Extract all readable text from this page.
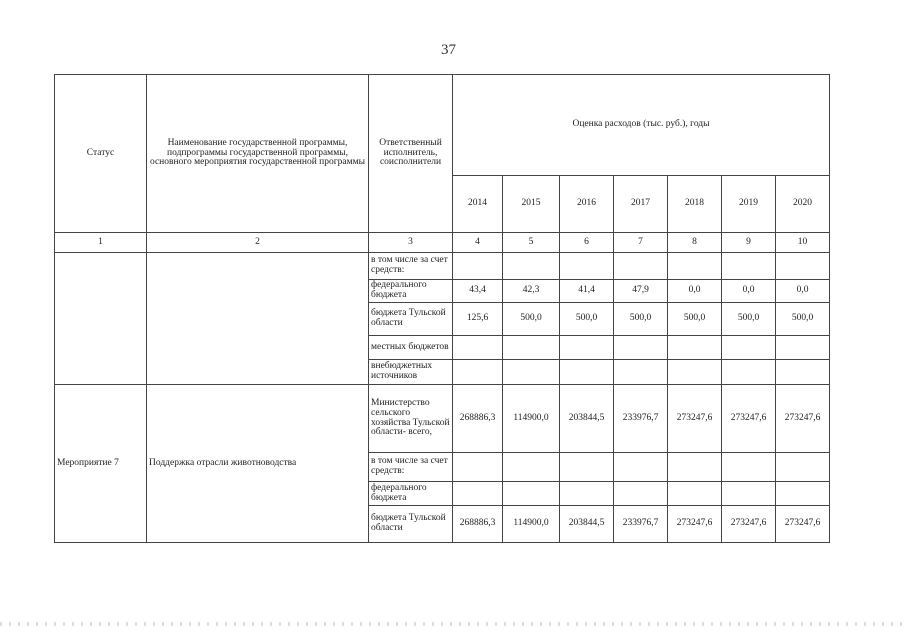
37
Статус	Наименование государственной программы, подпрограммы государственной программы, основного мероприятия государственной программы	Ответственный исполнитель, соисполнители	Оценка расходов (тыс. руб.), годы						
			2014	2015	2016	2017	2018	2019	2020
1	2	3	4	5	6	7	8	9	10
		в том числе за счет средств:							
		федерального бюджета	43,4	42,3	41,4	47,9	0,0	0,0	0,0
		бюджета Тульской области	125,6	500,0	500,0	500,0	500,0	500,0	500,0
		местных бюджетов							
		внебюджетных источников							
Мероприятие 7	Поддержка отрасли животноводства	Министерство сельского хозяйства Тульской области- всего,	268886,3	114900,0	203844,5	233976,7	273247,6	273247,6	273247,6
		в том числе за счет средств:							
		федерального бюджета							
		бюджета Тульской области	268886,3	114900,0	203844,5	233976,7	273247,6	273247,6	273247,6
